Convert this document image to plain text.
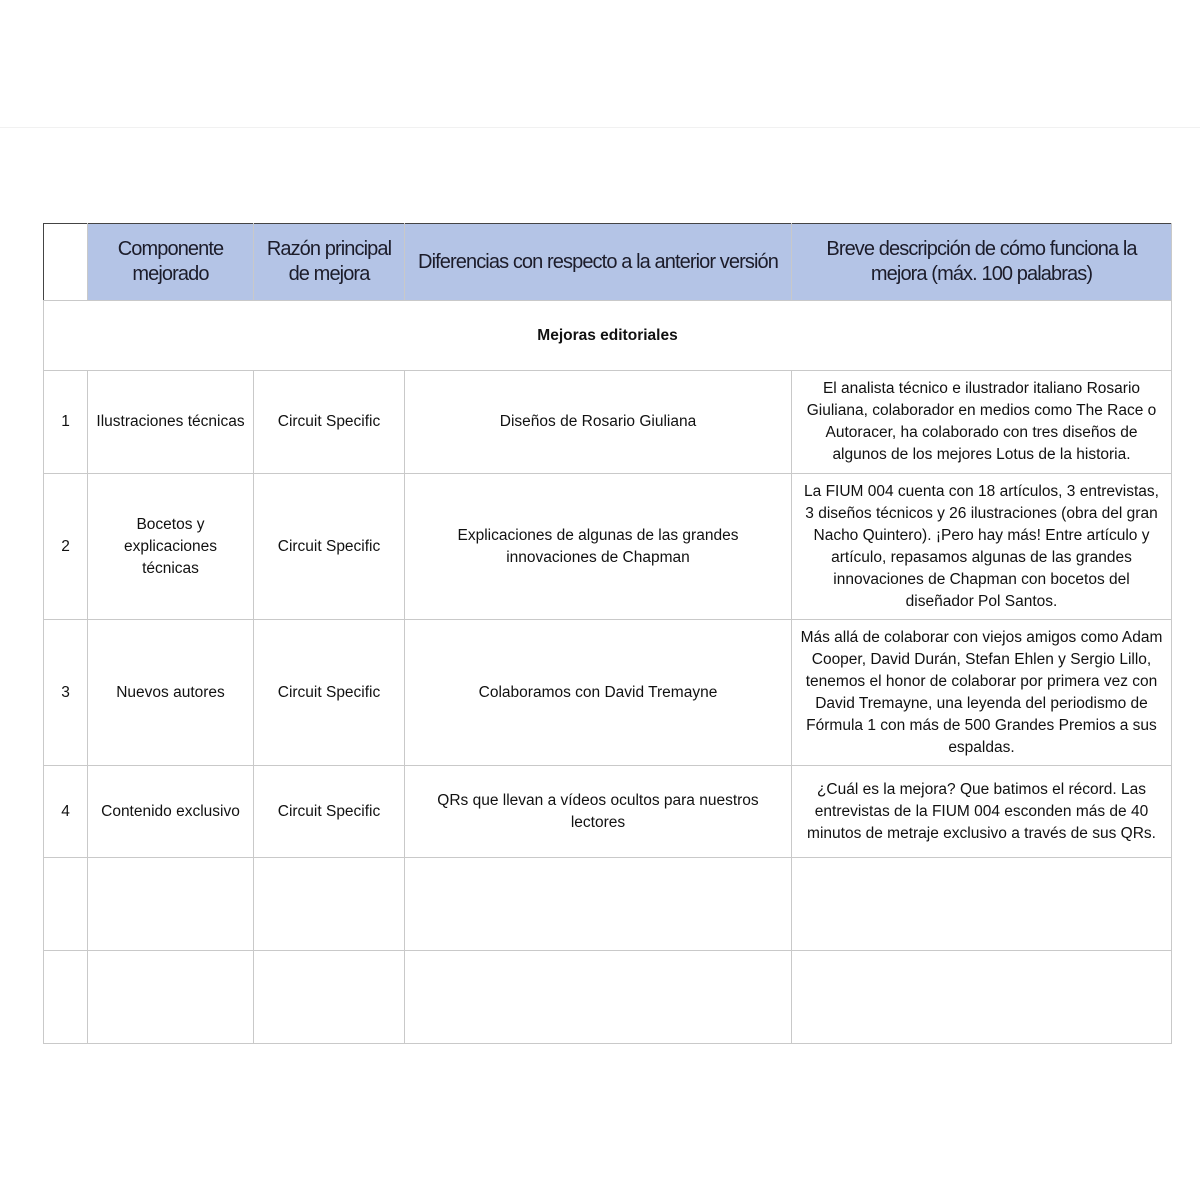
	Componente mejorado	Razón principal de mejora	Diferencias con respecto a la anterior versión	Breve descripción de cómo funciona la mejora (máx. 100 palabras)
Mejoras editoriales				
1	Ilustraciones técnicas	Circuit Specific	Diseños de Rosario Giuliana	El analista técnico e ilustrador italiano Rosario Giuliana, colaborador en medios como The Race o Autoracer, ha colaborado con tres diseños de algunos de los mejores Lotus de la historia.
2	Bocetos y explicaciones técnicas	Circuit Specific	Explicaciones de algunas de las grandes innovaciones de Chapman	La FIUM 004 cuenta con 18 artículos, 3 entrevistas, 3 diseños técnicos y 26 ilustraciones (obra del gran Nacho Quintero). ¡Pero hay más! Entre artículo y artículo, repasamos algunas de las grandes innovaciones de Chapman con bocetos del diseñador Pol Santos.
3	Nuevos autores	Circuit Specific	Colaboramos con David Tremayne	Más allá de colaborar con viejos amigos como Adam Cooper, David Durán, Stefan Ehlen y Sergio Lillo, tenemos el honor de colaborar por primera vez con David Tremayne, una leyenda del periodismo de Fórmula 1 con más de 500 Grandes Premios a sus espaldas.
4	Contenido exclusivo	Circuit Specific	QRs que llevan a vídeos ocultos para nuestros lectores	¿Cuál es la mejora? Que batimos el récord. Las entrevistas de la FIUM 004 esconden más de 40 minutos de metraje exclusivo a través de sus QRs.
